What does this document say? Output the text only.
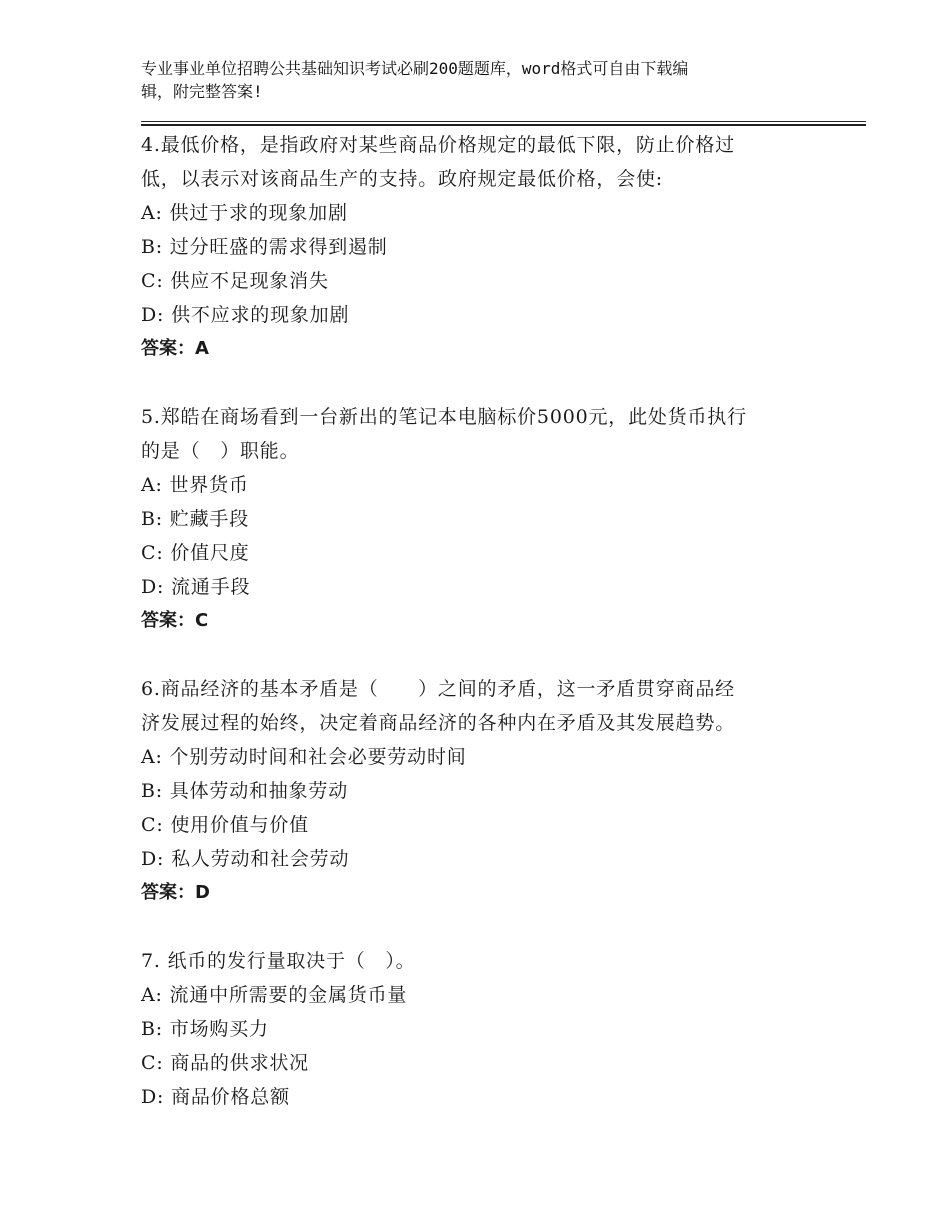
专业事业单位招聘公共基础知识考试必刷200题题库，word格式可自由下载编
辑，附完整答案!

4.最低价格，是指政府对某些商品价格规定的最低下限，防止价格过

低，以表示对该商品生产的支持。政府规定最低价格，会使:

A: 供过于求的现象加剧

B: 过分旺盛的需求得到遏制

C: 供应不足现象消失

D: 供不应求的现象加剧

答案：A

5.郑皓在商场看到一台新出的笔记本电脑标价5000元，此处货币执行

的是（　）职能。

A: 世界货币

B: 贮藏手段

C: 价值尺度

D: 流通手段

答案：C

6.商品经济的基本矛盾是（　　）之间的矛盾，这一矛盾贯穿商品经

济发展过程的始终，决定着商品经济的各种内在矛盾及其发展趋势。

A: 个别劳动时间和社会必要劳动时间

B: 具体劳动和抽象劳动

C: 使用价值与价值

D: 私人劳动和社会劳动

答案：D

7. 纸币的发行量取决于（　）。

A: 流通中所需要的金属货币量

B: 市场购买力

C: 商品的供求状况

D: 商品价格总额
